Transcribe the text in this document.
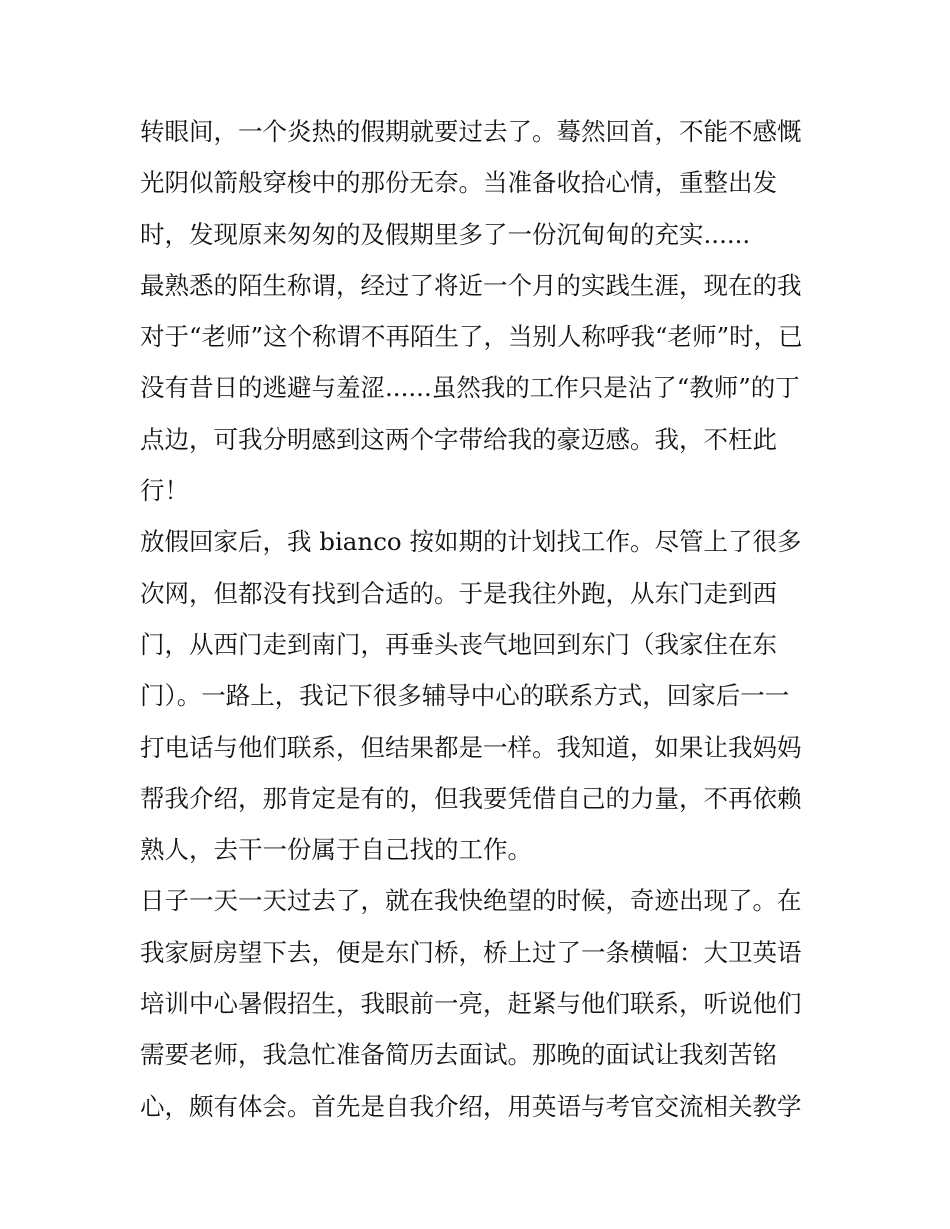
转眼间，一个炎热的假期就要过去了。蓦然回首，不能不感慨
光阴似箭般穿梭中的那份无奈。当准备收拾心情，重整出发
时，发现原来匆匆的及假期里多了一份沉甸甸的充实......
最熟悉的陌生称谓，经过了将近一个月的实践生涯，现在的我
对于“老师”这个称谓不再陌生了，当别人称呼我“老师”时，已
没有昔日的逃避与羞涩......虽然我的工作只是沾了“教师”的丁
点边，可我分明感到这两个字带给我的豪迈感。我，不枉此
行！
放假回家后，我 bianco 按如期的计划找工作。尽管上了很多
次网，但都没有找到合适的。于是我往外跑，从东门走到西
门，从西门走到南门，再垂头丧气地回到东门（我家住在东
门）。一路上，我记下很多辅导中心的联系方式，回家后一一
打电话与他们联系，但结果都是一样。我知道，如果让我妈妈
帮我介绍，那肯定是有的，但我要凭借自己的力量，不再依赖
熟人，去干一份属于自己找的工作。
日子一天一天过去了，就在我快绝望的时候，奇迹出现了。在
我家厨房望下去，便是东门桥，桥上过了一条横幅：大卫英语
培训中心暑假招生，我眼前一亮，赶紧与他们联系，听说他们
需要老师，我急忙准备简历去面试。那晚的面试让我刻苦铭
心，颇有体会。首先是自我介绍，用英语与考官交流相关教学
